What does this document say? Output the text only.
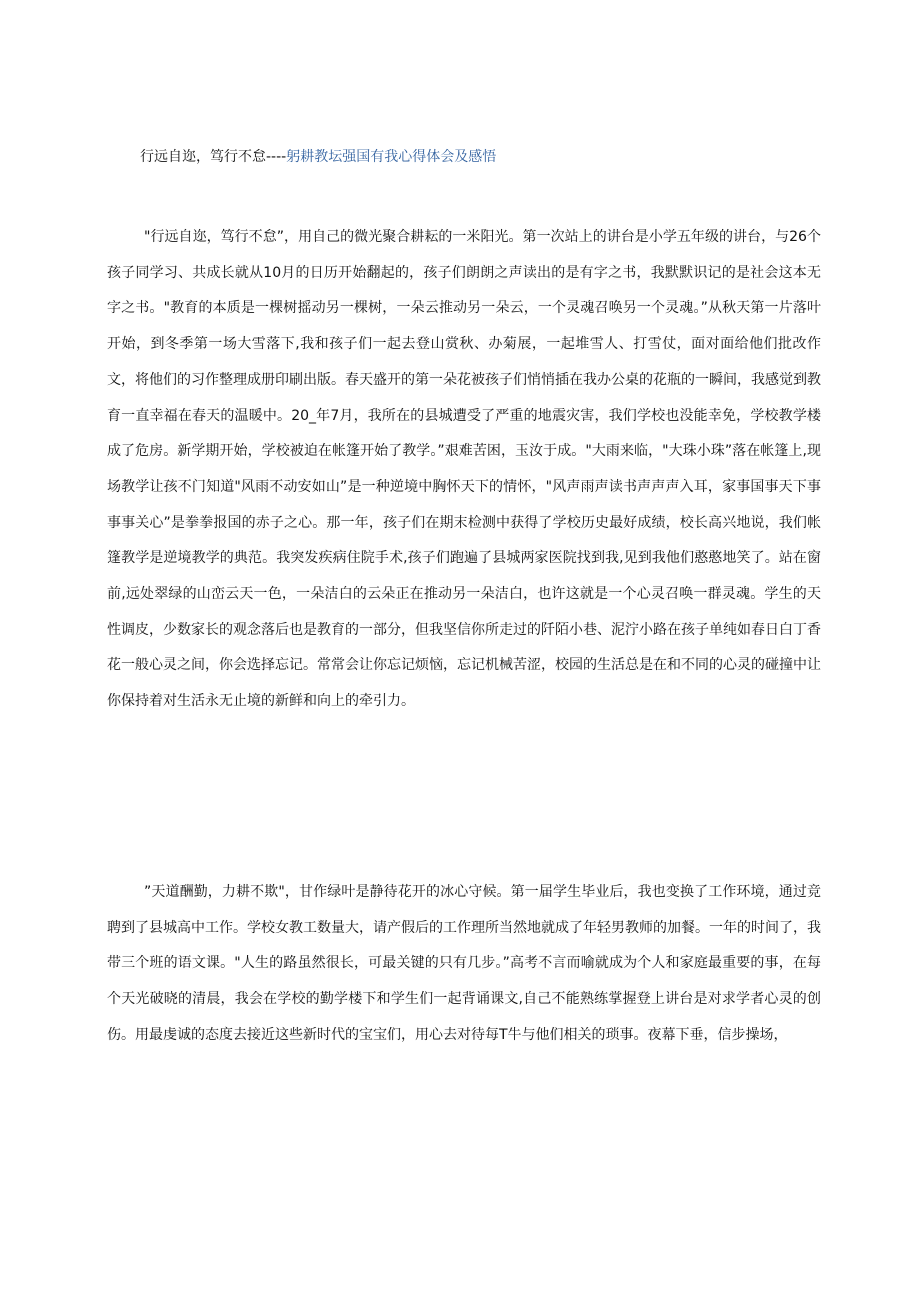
行远自迩，笃行不怠----躬耕教坛强国有我心得体会及感悟

"行远自迩，笃行不怠”，用自己的微光聚合耕耘的一米阳光。第一次站上的讲台是小学五年级的讲台，与26个孩子同学习、共成长就从10月的日历开始翻起的，孩子们朗朗之声读出的是有字之书，我默默识记的是社会这本无字之书。"教育的本质是一棵树摇动另一棵树，一朵云推动另一朵云，一个灵魂召唤另一个灵魂。”从秋天第一片落叶开始，到冬季第一场大雪落下,我和孩子们一起去登山赏秋、办菊展，一起堆雪人、打雪仗，面对面给他们批改作文，将他们的习作整理成册印刷出版。春天盛开的第一朵花被孩子们悄悄插在我办公桌的花瓶的一瞬间，我感觉到教育一直幸福在春天的温暖中。20_年7月，我所在的县城遭受了严重的地震灾害，我们学校也没能幸免，学校教学楼成了危房。新学期开始，学校被迫在帐篷开始了教学。”艰难苦困，玉汝于成。"大雨来临，"大珠小珠”落在帐篷上,现场教学让孩不门知道"风雨不动安如山”是一种逆境中胸怀天下的情怀，"风声雨声读书声声声入耳，家事国事天下事事事关心”是拳拳报国的赤子之心。那一年，孩子们在期末检测中获得了学校历史最好成绩，校长高兴地说，我们帐篷教学是逆境教学的典范。我突发疾病住院手术,孩子们跑遍了县城两家医院找到我,见到我他们憨憨地笑了。站在窗前,远处翠绿的山峦云天一色，一朵洁白的云朵正在推动另一朵洁白，也许这就是一个心灵召唤一群灵魂。学生的天性调皮，少数家长的观念落后也是教育的一部分，但我坚信你所走过的阡陌小巷、泥泞小路在孩子单纯如春日白丁香花一般心灵之间，你会选择忘记。常常会让你忘记烦恼，忘记机械苦涩，校园的生活总是在和不同的心灵的碰撞中让你保持着对生活永无止境的新鲜和向上的牵引力。

”天道酬勤，力耕不欺"，甘作绿叶是静待花开的冰心守候。第一届学生毕业后，我也变换了工作环境，通过竞聘到了县城高中工作。学校女教工数量大，请产假后的工作理所当然地就成了年轻男教师的加餐。一年的时间了，我带三个班的语文课。"人生的路虽然很长，可最关键的只有几步。”高考不言而喻就成为个人和家庭最重要的事，在每个天光破晓的清晨，我会在学校的勤学楼下和学生们一起背诵课文,自己不能熟练掌握登上讲台是对求学者心灵的创伤。用最虔诚的态度去接近这些新时代的宝宝们，用心去对待每T牛与他们相关的琐事。夜幕下垂，信步操场，
